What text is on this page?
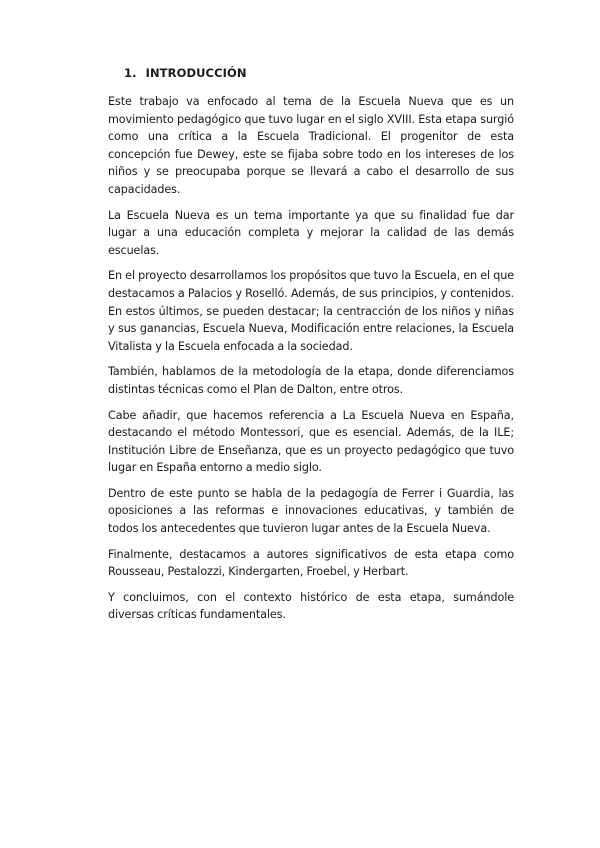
1. INTRODUCCIÓN

Este trabajo va enfocado al tema de la Escuela Nueva que es un movimiento pedagógico que tuvo lugar en el siglo XVIII. Esta etapa surgió como una crítica a la Escuela Tradicional. El progenitor de esta concepción fue Dewey, este se fijaba sobre todo en los intereses de los niños y se preocupaba porque se llevará a cabo el desarrollo de sus capacidades.

La Escuela Nueva es un tema importante ya que su finalidad fue dar lugar a una educación completa y mejorar la calidad de las demás escuelas.

En el proyecto desarrollamos los propósitos que tuvo la Escuela, en el que destacamos a Palacios y Roselló. Además, de sus principios, y contenidos. En estos últimos, se pueden destacar; la centracción de los niños y niñas y sus ganancias, Escuela Nueva, Modificación entre relaciones, la Escuela Vitalista y la Escuela enfocada a la sociedad.

También, hablamos de la metodología de la etapa, donde diferenciamos distintas técnicas como el Plan de Dalton, entre otros.

Cabe añadir, que hacemos referencia a La Escuela Nueva en España, destacando el método Montessori, que es esencial. Además, de la ILE; Institución Libre de Enseñanza, que es un proyecto pedagógico que tuvo lugar en España entorno a medio siglo.

Dentro de este punto se habla de la pedagogía de Ferrer i Guardia, las oposiciones a las reformas e innovaciones educativas, y también de todos los antecedentes que tuvieron lugar antes de la Escuela Nueva.

Finalmente, destacamos a autores significativos de esta etapa como Rousseau, Pestalozzi, Kindergarten, Froebel, y Herbart.

Y concluimos, con el contexto histórico de esta etapa, sumándole diversas críticas fundamentales.
